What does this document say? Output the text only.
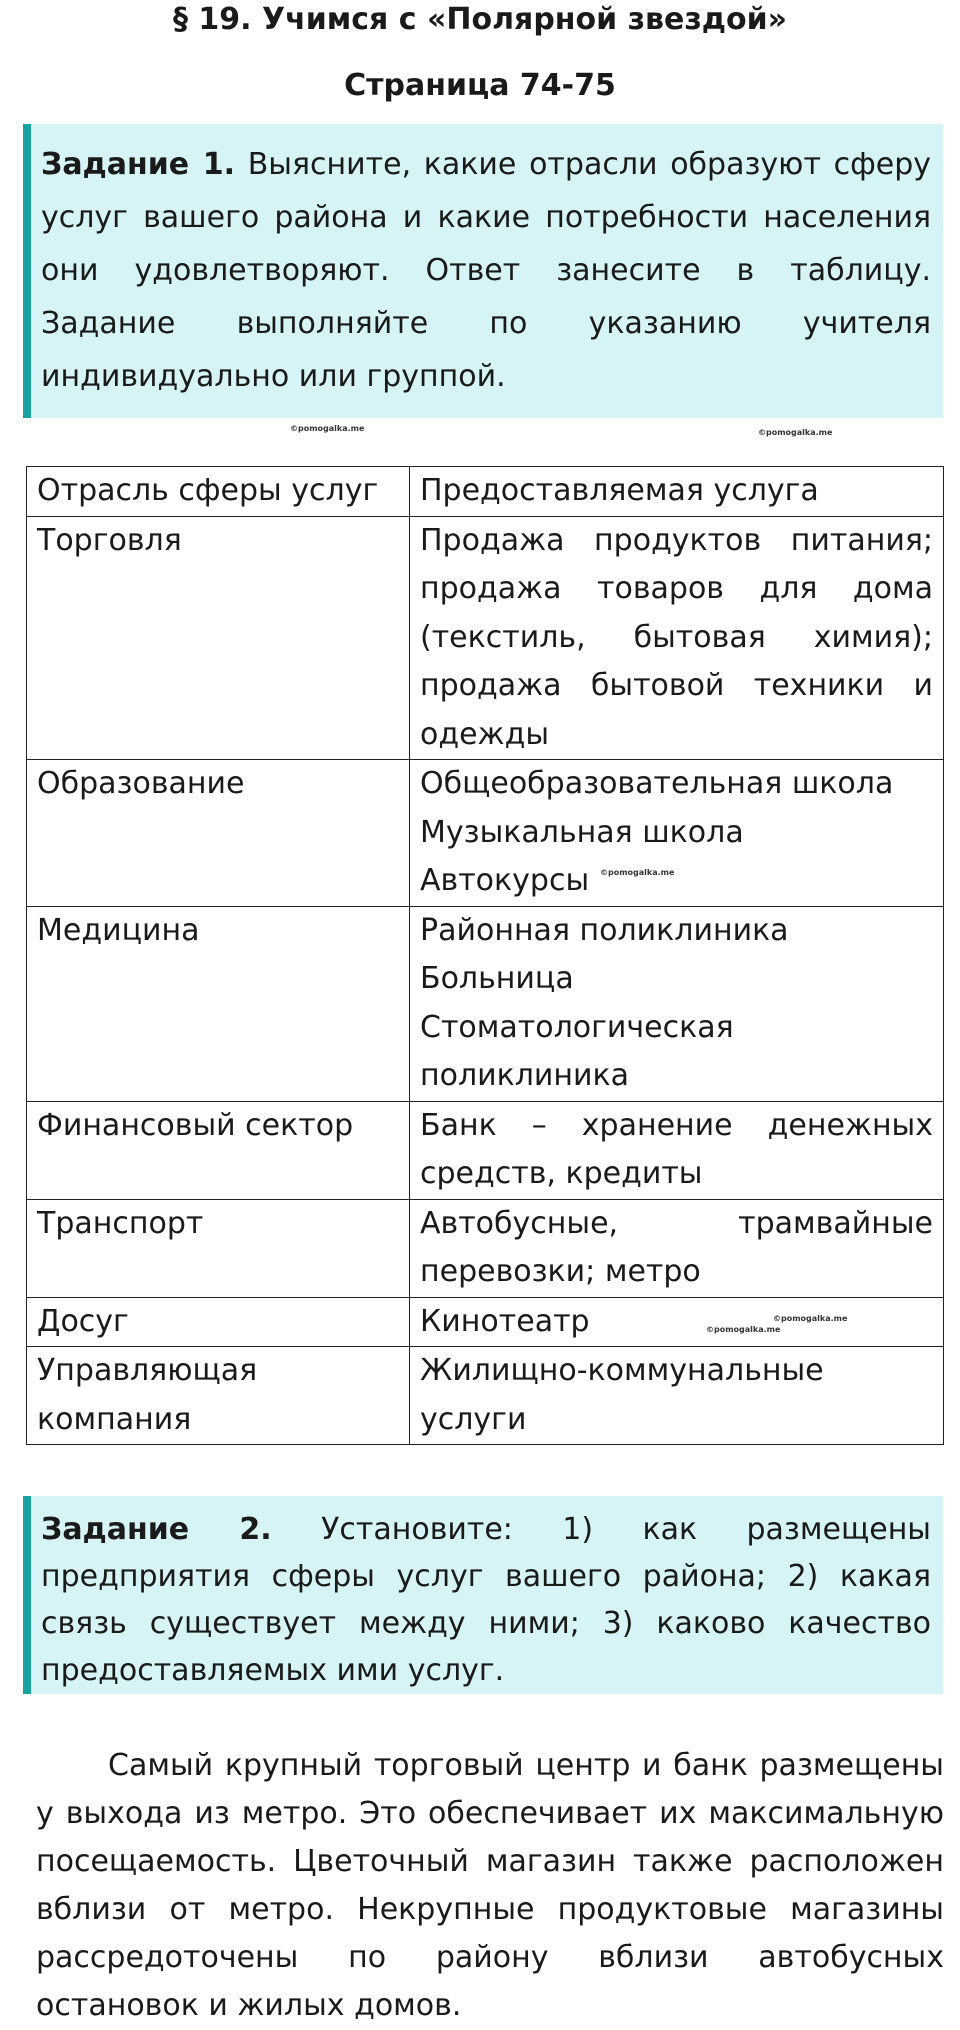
§ 19. Учимся с «Полярной звездой»
Страница 74-75
Задание 1. Выясните, какие отрасли образуют сферу услуг вашего района и какие потребности населения они удовлетворяют. Ответ занесите в таблицу. Задание выполняйте по указанию учителя индивидуально или группой.
©pomogalka.me	©pomogalka.me
Отрасль сферы услуг	Предоставляемая услуга
Торговля	Продажа продуктов питания; продажа товаров для дома (текстиль, бытовая химия); продажа бытовой техники и одежды

Образование	Общеобразовательная школа
Музыкальная школа
Автокурсы

Медицина	Районная поликлиника
Больница
Стоматологическая поликлиника

Финансовый сектор	Банк – хранение денежных средств, кредиты

Транспорт	Автобусные, трамвайные перевозки; метро

Досуг	Кинотеатр

Управляющая компания	Жилищно-коммунальные услуги
©pomogalka.me
©pomogalka.me
©pomogalka.me
Задание 2. Установите: 1) как размещены предприятия сферы услуг вашего района; 2) какая связь существует между ними; 3) каково качество предоставляемых ими услуг.

Самый крупный торговый центр и банк размещены у выхода из метро. Это обеспечивает их максимальную посещаемость. Цветочный магазин также расположен вблизи от метро. Некрупные продуктовые магазины рассредоточены по району вблизи автобусных остановок и жилых домов.
